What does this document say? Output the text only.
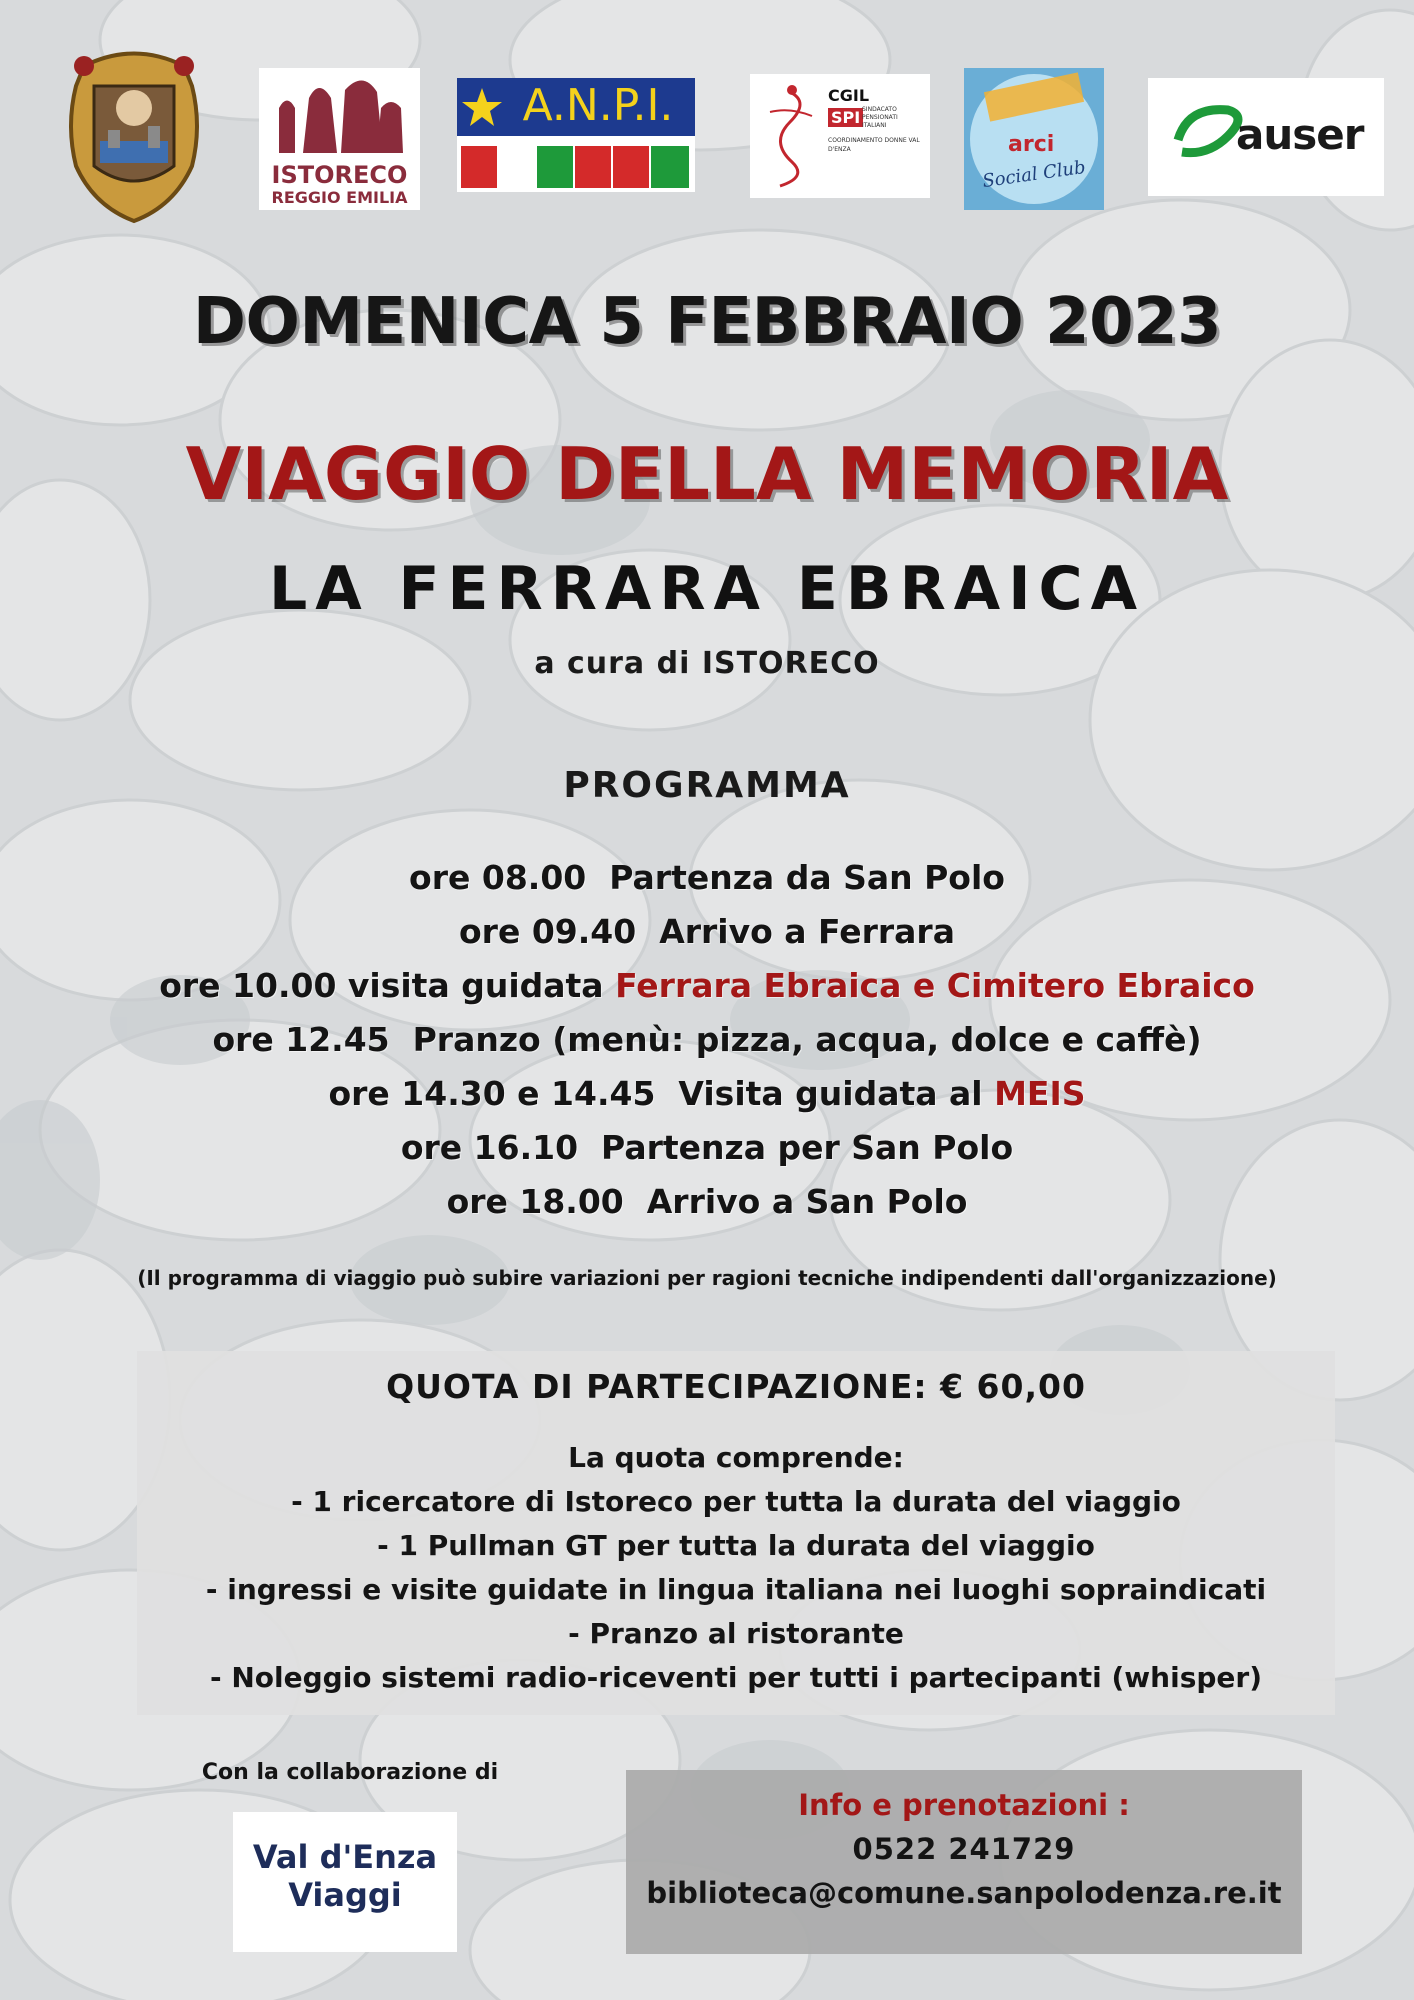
ISTORECO
REGGIO EMILIA
A.N.P.I.	CGIL
SPI SINDACATO PENSIONATI ITALIANI
COORDINAMENTO DONNE VAL D'ENZA	arci
Social Club
auser
DOMENICA 5 FEBBRAIO 2023
VIAGGIO DELLA MEMORIA
LA FERRARA EBRAICA
a cura di ISTORECO
PROGRAMMA
ore 08.00 Partenza da San Polo
ore 09.40 Arrivo a Ferrara
ore 10.00 visita guidata Ferrara Ebraica e Cimitero Ebraico
ore 12.45 Pranzo (menù: pizza, acqua, dolce e caffè)
ore 14.30 e 14.45 Visita guidata al MEIS
ore 16.10 Partenza per San Polo
ore 18.00 Arrivo a San Polo
(Il programma di viaggio può subire variazioni per ragioni tecniche indipendenti dall'organizzazione)
QUOTA DI PARTECIPAZIONE: € 60,00
La quota comprende:
- 1 ricercatore di Istoreco per tutta la durata del viaggio
- 1 Pullman GT per tutta la durata del viaggio
- ingressi e visite guidate in lingua italiana nei luoghi sopraindicati
- Pranzo al ristorante
- Noleggio sistemi radio-riceventi per tutti i partecipanti (whisper)
Con la collaborazione di
Val d'Enza
Viaggi
Info e prenotazioni :
0522 241729
biblioteca@comune.sanpolodenza.re.it
